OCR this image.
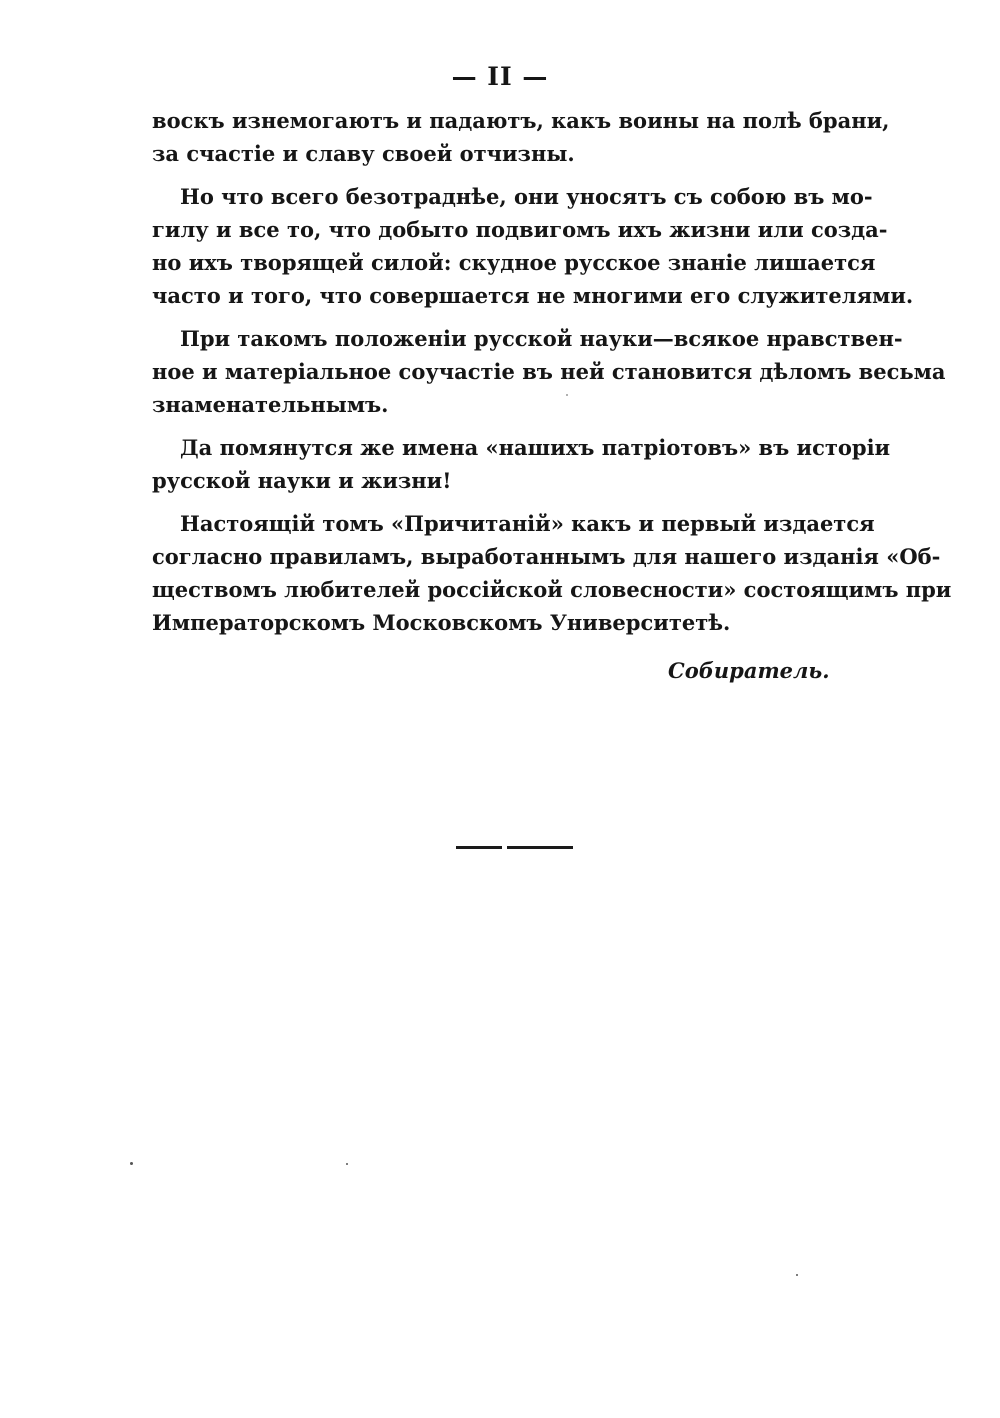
— II —
воскъ изнемогаютъ и падаютъ, какъ воины на полѣ брани,
за счастіе и славу своей отчизны.
Но что всего безотраднѣе, они уносятъ съ собою въ мо-
гилу и все то, что добыто подвигомъ ихъ жизни или созда-
но ихъ творящей силой: скудное русское знаніе лишается
часто и того, что совершается не многими его служителями.
При такомъ положеніи русской науки—всякое нравствен-
ное и матеріальное соучастіе въ ней становится дѣломъ весьма
знаменательнымъ.
Да помянутся же имена «нашихъ патріотовъ» въ исторіи
русской науки и жизни!
Настоящій томъ «Причитаній» какъ и первый издается
согласно правиламъ, выработаннымъ для нашего изданія «Об-
ществомъ любителей россійской словесности» состоящимъ при
Императорскомъ Московскомъ Университетѣ.
Собиратель.
